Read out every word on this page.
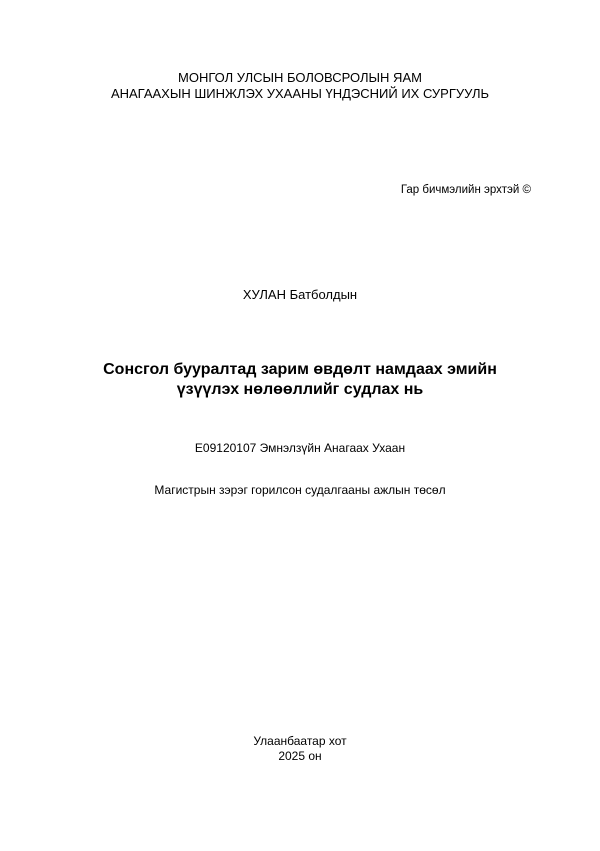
МОНГОЛ УЛСЫН БОЛОВСРОЛЫН ЯАМ
АНАГААХЫН ШИНЖЛЭХ УХААНЫ ҮНДЭСНИЙ ИХ СУРГУУЛЬ
Гар бичмэлийн эрхтэй ©
ХУЛАН Батболдын
Сонсгол бууралтад зарим өвдөлт намдаах эмийн
үзүүлэх нөлөөллийг судлах нь
E09120107 Эмнэлзүйн Анагаах Ухаан
Магистрын зэрэг горилсон судалгааны ажлын төсөл
Улаанбаатар хот
2025 он
